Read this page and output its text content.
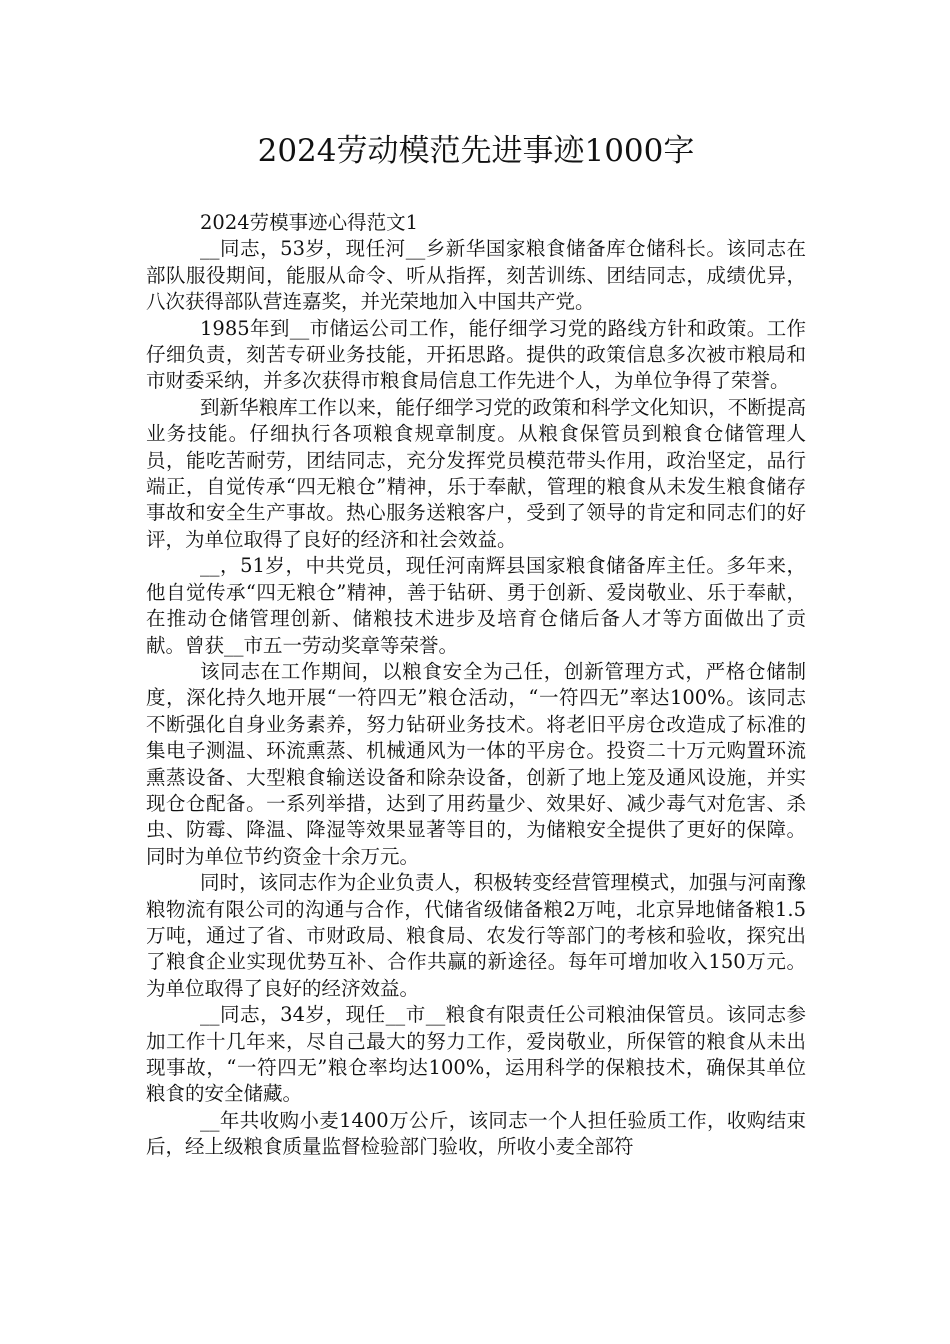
2024劳动模范先进事迹1000字

2024劳模事迹心得范文1

__同志，53岁，现任河__乡新华国家粮食储备库仓储科长。该同志在部队服役期间，能服从命令、听从指挥，刻苦训练、团结同志，成绩优异，八次获得部队营连嘉奖，并光荣地加入中国共产党。

1985年到__市储运公司工作，能仔细学习党的路线方针和政策。工作仔细负责，刻苦专研业务技能，开拓思路。提供的政策信息多次被市粮局和市财委采纳，并多次获得市粮食局信息工作先进个人，为单位争得了荣誉。

到新华粮库工作以来，能仔细学习党的政策和科学文化知识，不断提高业务技能。仔细执行各项粮食规章制度。从粮食保管员到粮食仓储管理人员，能吃苦耐劳，团结同志，充分发挥党员模范带头作用，政治坚定，品行端正，自觉传承“四无粮仓”精神，乐于奉献，管理的粮食从未发生粮食储存事故和安全生产事故。热心服务送粮客户，受到了领导的肯定和同志们的好评，为单位取得了良好的经济和社会效益。

__，51岁，中共党员，现任河南辉县国家粮食储备库主任。多年来，他自觉传承“四无粮仓”精神，善于钻研、勇于创新、爱岗敬业、乐于奉献，在推动仓储管理创新、储粮技术进步及培育仓储后备人才等方面做出了贡献。曾获__市五一劳动奖章等荣誉。

该同志在工作期间，以粮食安全为己任，创新管理方式，严格仓储制度，深化持久地开展“一符四无”粮仓活动，“一符四无”率达100%。该同志不断强化自身业务素养，努力钻研业务技术。将老旧平房仓改造成了标准的集电子测温、环流熏蒸、机械通风为一体的平房仓。投资二十万元购置环流熏蒸设备、大型粮食输送设备和除杂设备，创新了地上笼及通风设施，并实现仓仓配备。一系列举措，达到了用药量少、效果好、减少毒气对危害、杀虫、防霉、降温、降湿等效果显著等目的，为储粮安全提供了更好的保障。同时为单位节约资金十余万元。

同时，该同志作为企业负责人，积极转变经营管理模式，加强与河南豫粮物流有限公司的沟通与合作，代储省级储备粮2万吨，北京异地储备粮1.5万吨，通过了省、市财政局、粮食局、农发行等部门的考核和验收，探究出了粮食企业实现优势互补、合作共赢的新途径。每年可增加收入150万元。为单位取得了良好的经济效益。

__同志，34岁，现任__市__粮食有限责任公司粮油保管员。该同志参加工作十几年来，尽自己最大的努力工作，爱岗敬业，所保管的粮食从未出现事故，“一符四无”粮仓率均达100%，运用科学的保粮技术，确保其单位粮食的安全储藏。

__年共收购小麦1400万公斤，该同志一个人担任验质工作，收购结束后，经上级粮食质量监督检验部门验收，所收小麦全部符
